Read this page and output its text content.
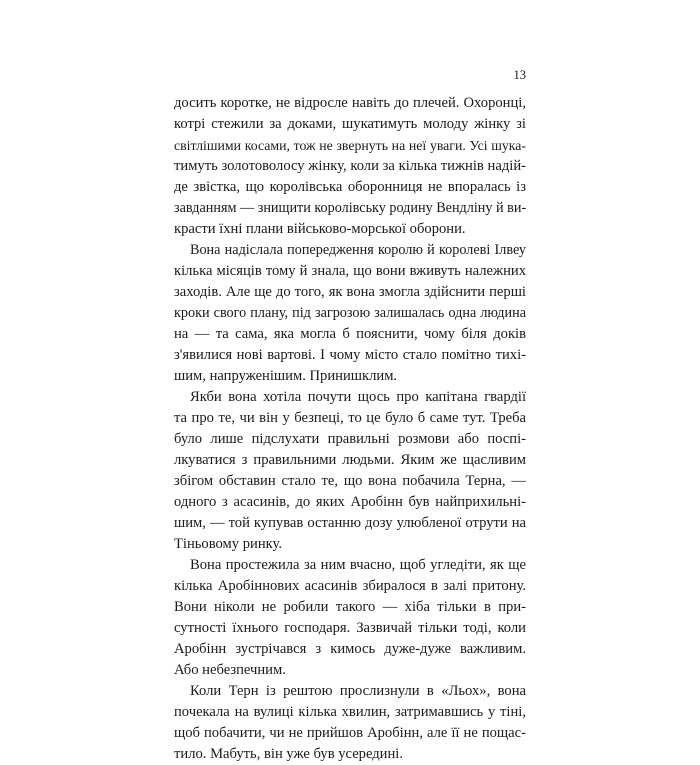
13
досить коротке, не відросле навіть до плечей. Охоронці,
котрі стежили за доками, шукатимуть молоду жінку зі
світлішими косами, тож не звернуть на неї уваги. Усі шука-
тимуть золотоволосу жінку, коли за кілька тижнів надій-
де звістка, що королівська оборонниця не впоралась із
завданням — знищити королівську родину Вендліну й ви-
красти їхні плани військово-морської оборони.
Вона надіслала попередження королю й королеві Ілвеу
кілька місяців тому й знала, що вони вживуть належних
заходів. Але ще до того, як вона змогла здійснити перші
кроки свого плану, під загрозою залишалась одна людина
на — та сама, яка могла б пояснити, чому біля доків
з'явилися нові вартові. І чому місто стало помітно тихі-
шим, напруженішим. Принишклим.
Якби вона хотіла почути щось про капітана гвардії
та про те, чи він у безпеці, то це було б саме тут. Треба
було лише підслухати правильні розмови або поспі-
лкуватися з правильними людьми. Яким же щасливим
збігом обставин стало те, що вона побачила Терна, —
одного з асасинів, до яких Аробінн був найприхильні-
шим, — той купував останню дозу улюбленої отрути на
Тіньовому ринку.
Вона простежила за ним вчасно, щоб угледіти, як ще
кілька Аробіннових асасинів збиралося в залі притону.
Вони ніколи не робили такого — хіба тільки в при-
сутності їхнього господаря. Зазвичай тільки тоді, коли
Аробінн зустрічався з кимось дуже-дуже важливим.
Або небезпечним.
Коли Терн із рештою прослизнули в «Льох», вона
почекала на вулиці кілька хвилин, затримавшись у тіні,
щоб побачити, чи не прийшов Аробінн, але її не пощас-
тило. Мабуть, він уже був усередині.
